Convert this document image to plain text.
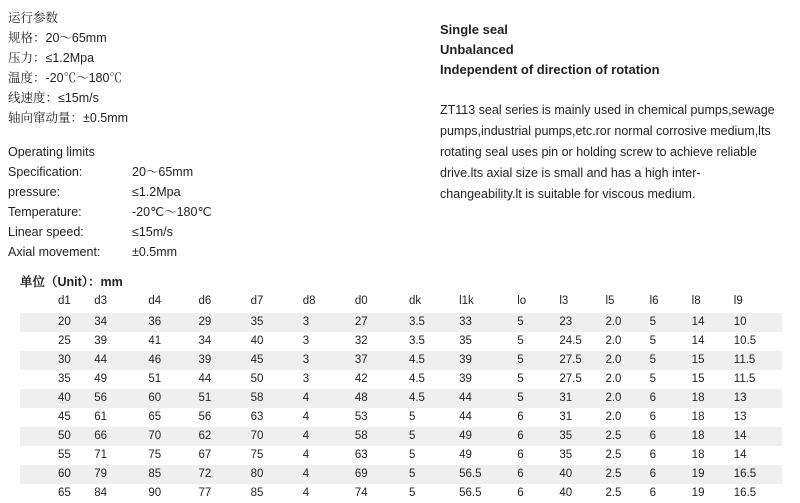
运行参数
规格：20～65mm
压力：≤1.2Mpa
温度：-20℃～180℃
线速度：≤15m/s
轴向窜动量：±0.5mm
Operating limits
Specification:	20～65mm
pressure:	≤1.2Mpa
Temperature:	-20℃～180℃
Linear speed:	≤15m/s
Axial movement:	±0.5mm
Single seal
Unbalanced
Independent of direction of rotation
ZT113 seal series is mainly used in chemical pumps,sewage pumps,industrial pumps,etc.ror normal corrosive medium,lts rotating seal uses pin or holding screw to achieve reliable drive.lts axial size is small and has a high inter-changeability.lt is suitable for viscous medium.
单位（Unit）：mm
d1	d3	d4	d6	d7	d8	d0	dk	l1k	lo	l3	l5	l6	l8	l9
20	34	36	29	35	3	27	3.5	33	5	23	2.0	5	14	10
25	39	41	34	40	3	32	3.5	35	5	24.5	2.0	5	14	10.5
30	44	46	39	45	3	37	4.5	39	5	27.5	2.0	5	15	11.5
35	49	51	44	50	3	42	4.5	39	5	27.5	2.0	5	15	11.5
40	56	60	51	58	4	48	4.5	44	5	31	2.0	6	18	13
45	61	65	56	63	4	53	5	44	6	31	2.0	6	18	13
50	66	70	62	70	4	58	5	49	6	35	2.5	6	18	14
55	71	75	67	75	4	63	5	49	6	35	2.5	6	18	14
60	79	85	72	80	4	69	5	56.5	6	40	2.5	6	19	16.5
65	84	90	77	85	4	74	5	56.5	6	40	2.5	6	19	16.5
